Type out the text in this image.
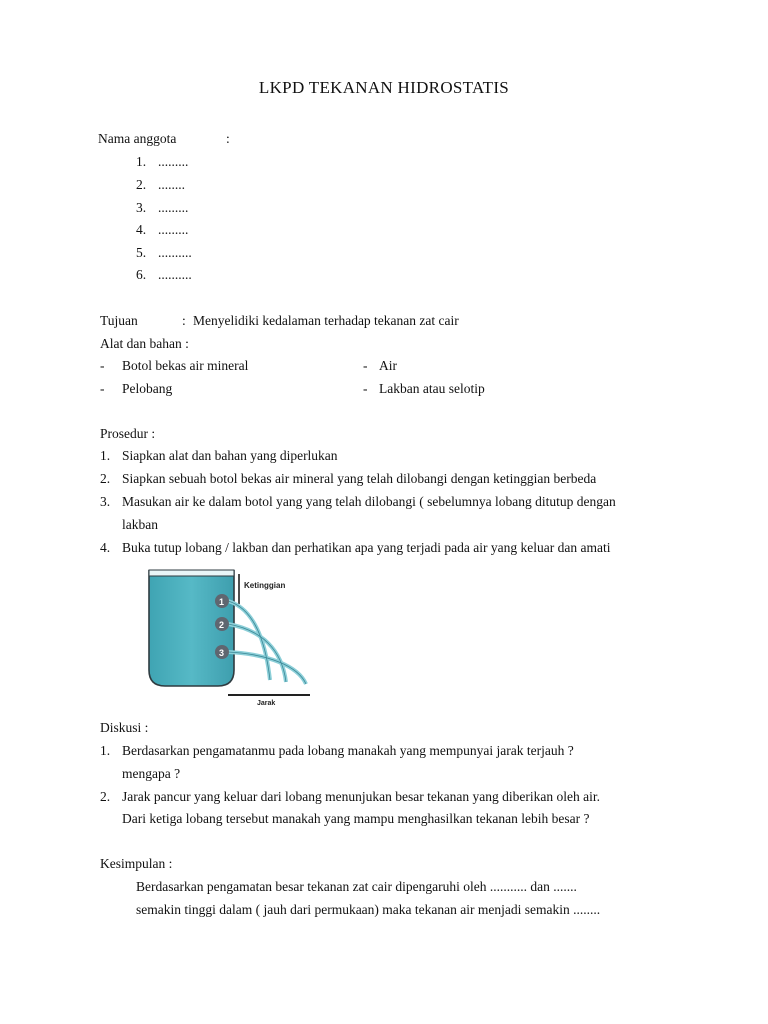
LKPD TEKANAN HIDROSTATIS
Nama anggota	:
1. .........
2. ........
3. .........
4. .........
5. ..........
6. ..........
Tujuan	: Menyelidiki kedalaman terhadap tekanan zat cair
Alat dan bahan :
- Botol bekas air mineral	- Air
- Pelobang	- Lakban atau selotip
Prosedur :
1. Siapkan alat dan bahan yang diperlukan
2. Siapkan sebuah botol bekas air mineral yang telah dilobangi dengan ketinggian berbeda
3. Masukan air ke dalam botol yang yang telah dilobangi ( sebelumnya lobang ditutup dengan
lakban
4. Buka tutup lobang / lakban dan perhatikan apa yang terjadi pada air yang keluar dan amati
Ketinggian
1
2
3
Jarak
Diskusi :
1. Berdasarkan pengamatanmu pada lobang manakah yang mempunyai jarak terjauh ?
mengapa ?
2. Jarak pancur yang keluar dari lobang menunjukan besar tekanan yang diberikan oleh air.
Dari ketiga lobang tersebut manakah yang mampu menghasilkan tekanan lebih besar ?
Kesimpulan :
Berdasarkan pengamatan besar tekanan zat cair dipengaruhi oleh ........... dan .......
semakin tinggi dalam ( jauh dari permukaan) maka tekanan air menjadi semakin ........
